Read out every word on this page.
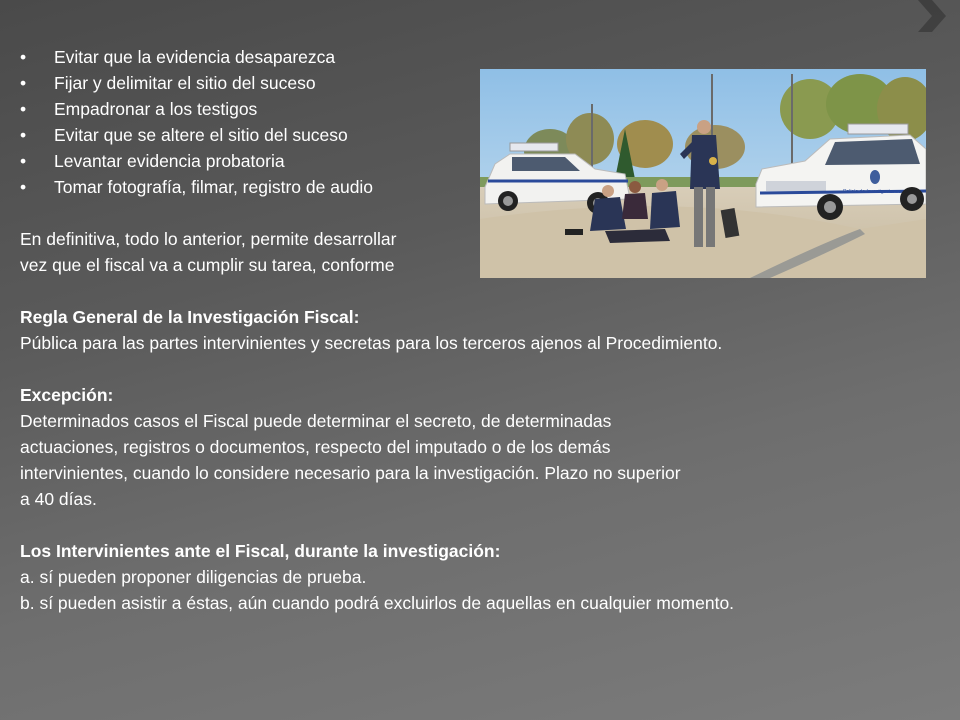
• Evitar que la evidencia desaparezca
• Fijar y delimitar el sitio del suceso
• Empadronar a los testigos
• Evitar que se altere el sitio del suceso
• Levantar evidencia probatoria
• Tomar fotografía, filmar, registro de audio

En definitiva, todo lo anterior, permite desarrollar

vez que el fiscal va a cumplir su tarea, conforme

Regla General de la Investigación Fiscal:

Pública para las partes intervinientes y secretas para los terceros ajenos al Procedimiento.

Excepción:

Determinados casos el Fiscal puede determinar el secreto, de determinadas

actuaciones, registros o documentos, respecto del imputado o de los demás

intervinientes, cuando lo considere necesario para la investigación. Plazo no superior

a 40 días.

Los Intervinientes ante el Fiscal, durante la investigación:

a. sí pueden proponer diligencias de prueba.

b. sí pueden asistir a éstas, aún cuando podrá excluirlos de aquellas en cualquier momento.

Policía de Investigaciones
